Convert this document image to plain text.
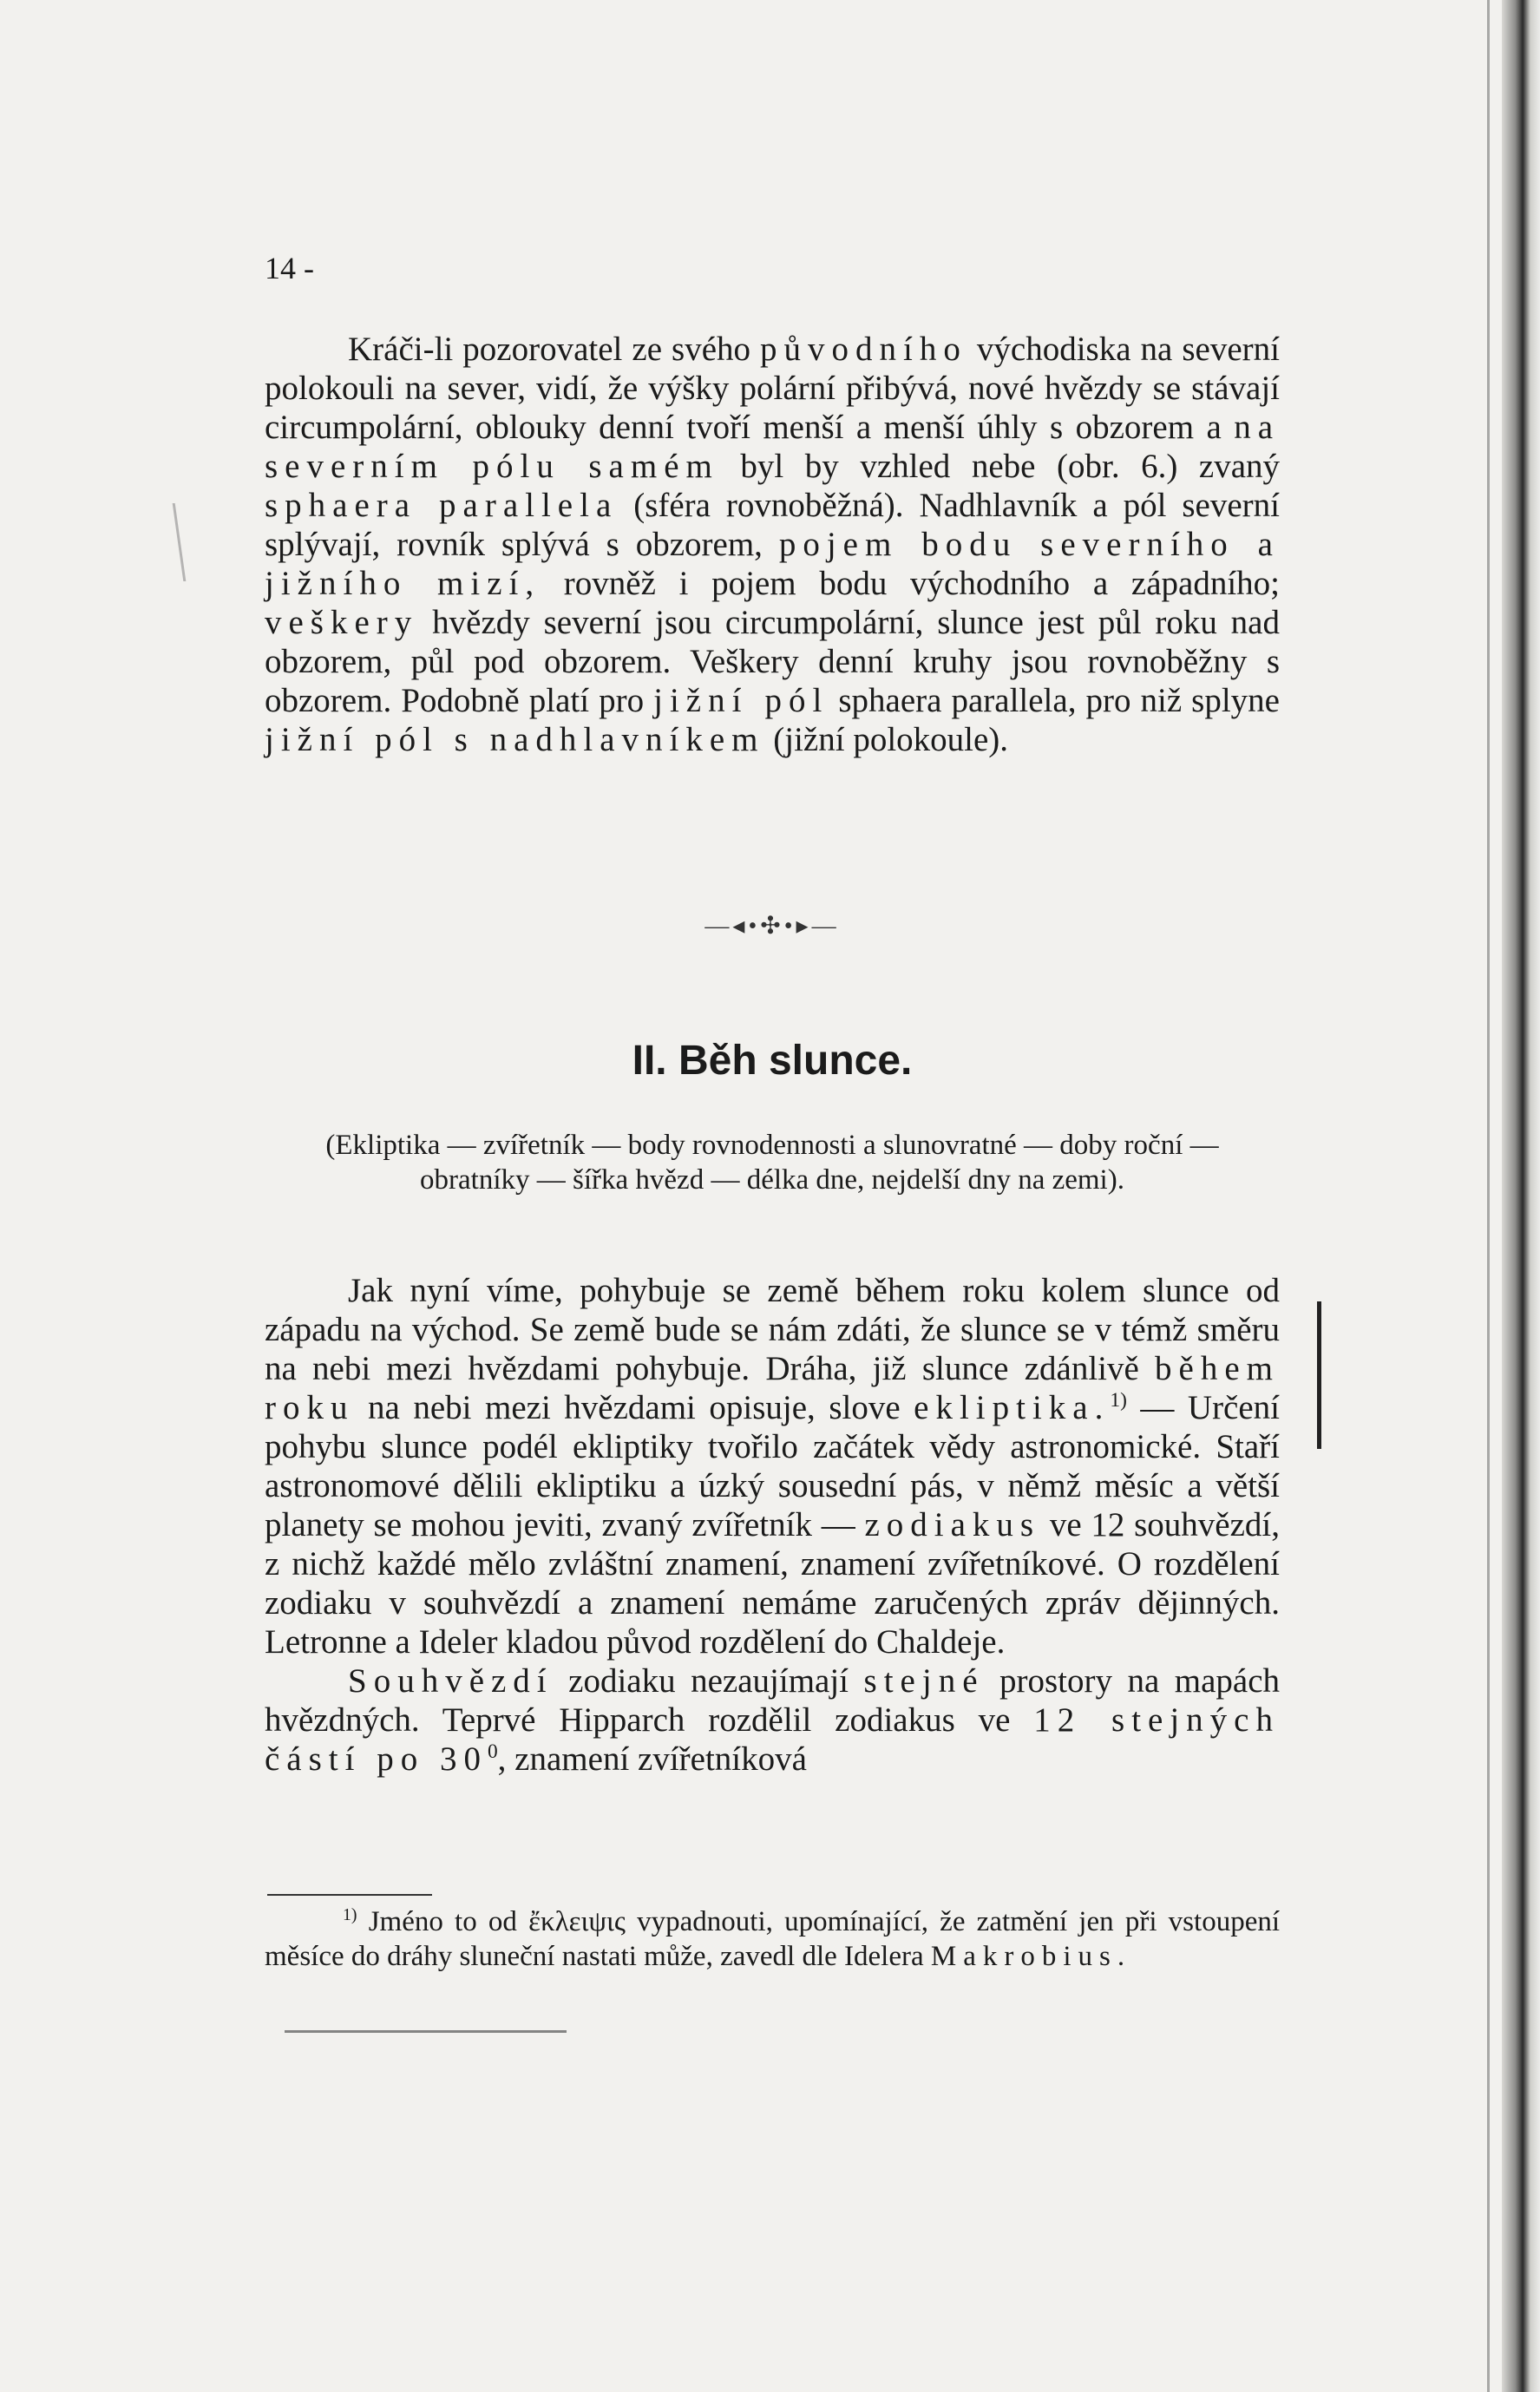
14 -

Kráči-li pozorovatel ze svého původního východiska na severní polokouli na sever, vidí, že výšky polární přibývá, nové hvězdy se stávají circumpolární, oblouky denní tvoří menší a menší úhly s obzorem a na severním pólu samém byl by vzhled nebe (obr. 6.) zvaný sphaera parallela (sféra rovnoběžná). Nadhlavník a pól severní splývají, rovník splývá s obzorem, pojem bodu severního a jižního mizí, rovněž i pojem bodu východního a západního; veškery hvězdy severní jsou circumpolární, slunce jest půl roku nad obzorem, půl pod obzorem. Veškery denní kruhy jsou rovnoběžny s obzorem. Podobně platí pro jižní pól sphaera parallela, pro niž splyne jižní pól s nadhlavníkem (jižní polokoule).

—◂•✣•▸—
II. Běh slunce.
(Ekliptika — zvířetník — body rovnodennosti a slunovratné — doby roční — obratníky — šířka hvězd — délka dne, nejdelší dny na zemi).

Jak nyní víme, pohybuje se země během roku kolem slunce od západu na východ. Se země bude se nám zdáti, že slunce se v témž směru na nebi mezi hvězdami pohybuje. Dráha, již slunce zdánlivě během roku na nebi mezi hvězdami opisuje, slove ekliptika.$^{1)}$ — Určení pohybu slunce podél ekliptiky tvořilo začátek vědy astronomické. Staří astronomové dělili ekliptiku a úzký sousední pás, v němž měsíc a větší planety se mohou jeviti, zvaný zvířetník — zodiakus ve 12 souhvězdí, z nichž každé mělo zvláštní znamení, znamení zvířetníkové. O rozdělení zodiaku v souhvězdí a znamení nemáme zaručených zpráv dějinných. Letronne a Ideler kladou původ rozdělení do Chaldeje.

Souhvězdí zodiaku nezaujímají stejné prostory na mapách hvězdných. Teprvé Hipparch rozdělil zodiakus ve 12 stejných částí po $30^0$, znamení zvířetníková

$^{1)}$ Jméno to od ἔκλειψις vypadnouti, upomínající, že zatmění jen při vstoupení měsíce do dráhy sluneční nastati může, zavedl dle Idelera Makrobius.
